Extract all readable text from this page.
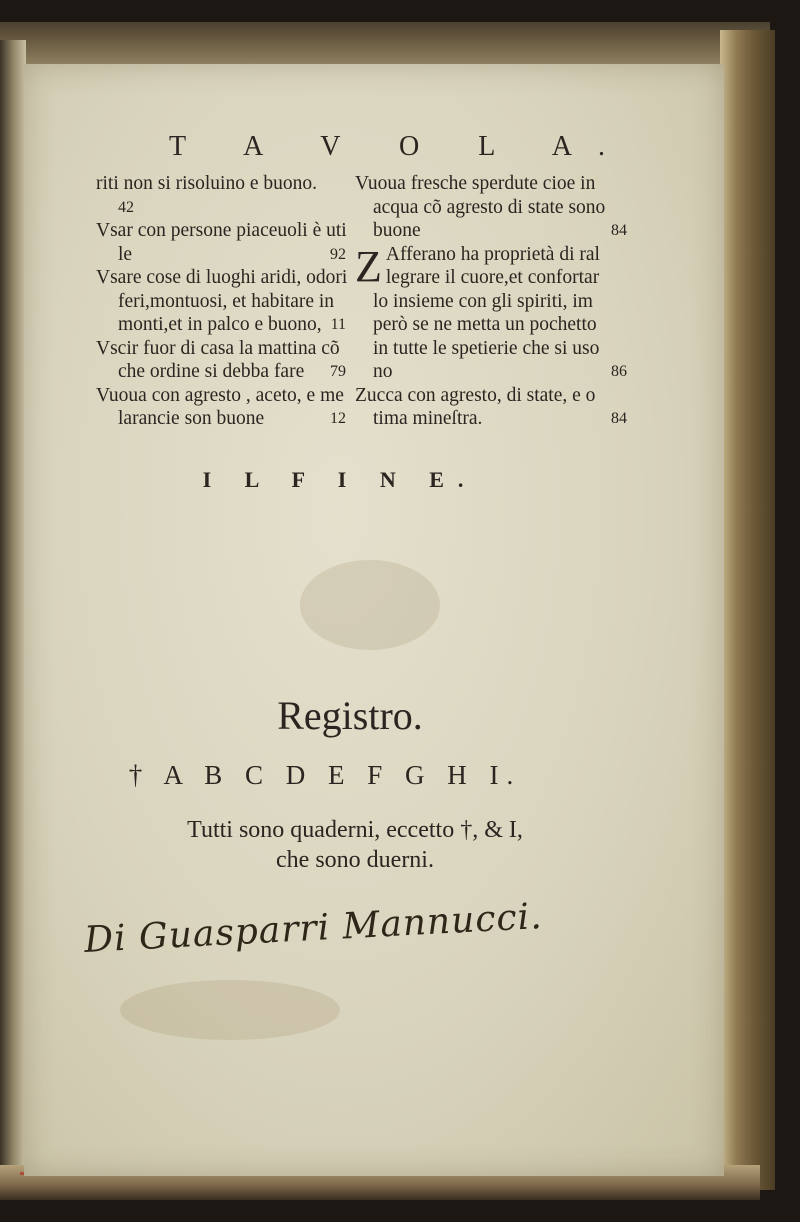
T A V O L A.
riti non si risoluino e buono.
42
Vsar con persone piaceuoli è uti
le	92
Vsare cose di luoghi aridi, odori
feri,montuosi, et habitare in
monti,et in palco e buono, 11
Vscir fuor di casa la mattina cõ
che ordine si debba fare 79
Vuoua con agresto , aceto, e me
larancie son buone	12
Vuoua fresche sperdute cioe in
acqua cõ agresto di state sono
buone	84
Z Afferano ha proprietà di ral
legrare il cuore,et confortar
lo insieme con gli spiriti, im
però se ne metta un pochetto
in tutte le spetierie che si uso
no	86
Zucca con agresto, di state, e o
tima mineſtra.	84
I L F I N E.
Registro.
† A B C D E F G H I.
Tutti sono quaderni, eccetto †, & I,
che sono duerni.
Di Guasparri Mannucci.
